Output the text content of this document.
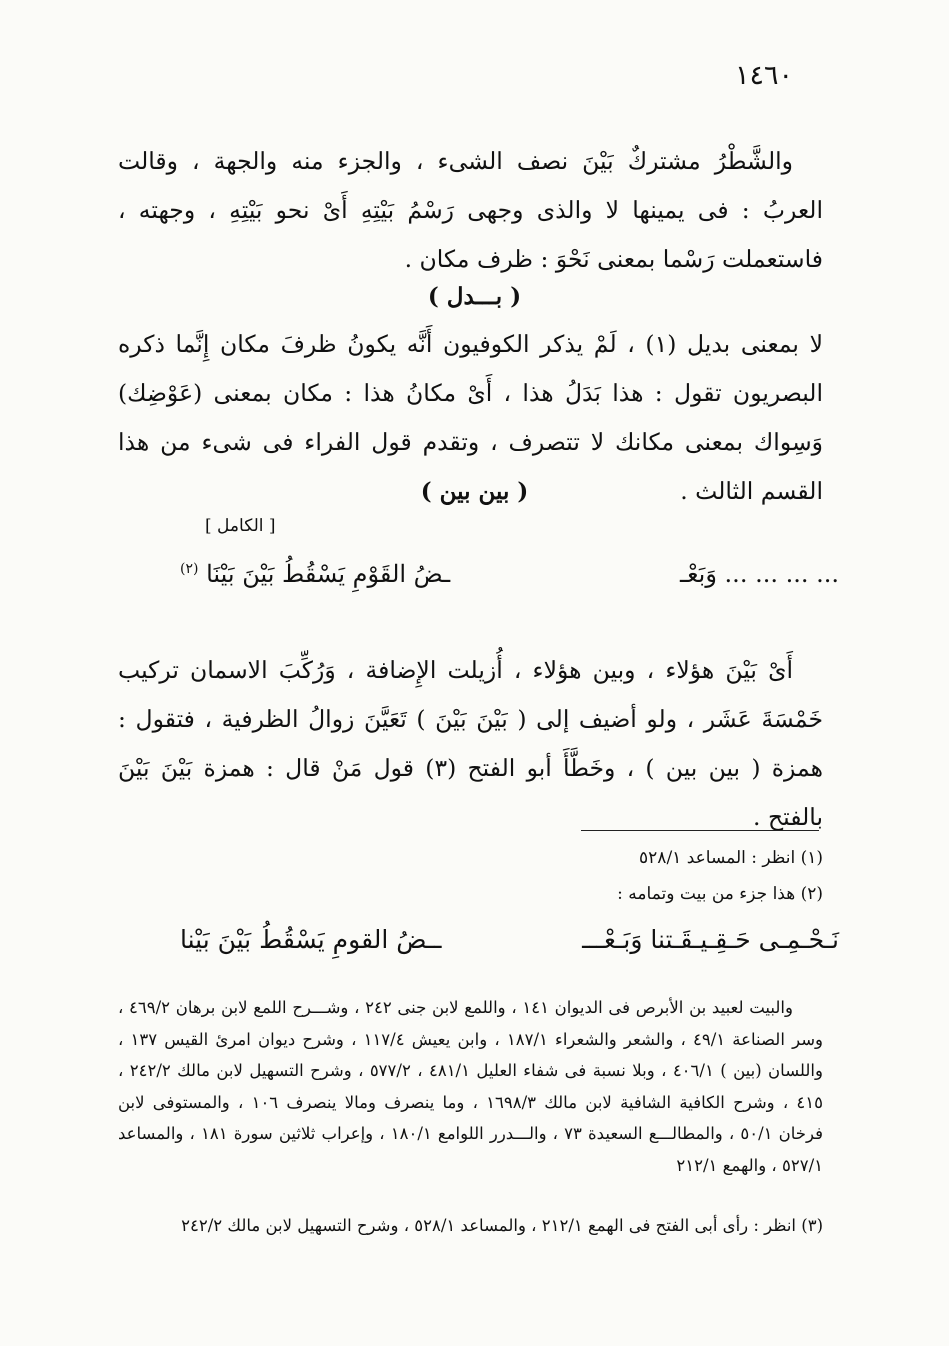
١٤٦٠

والشَّطْرُ مشتركٌ بَيْنَ نصف الشىء ، والجزء منه والجهة ، وقالت العربُ : فى يمينها لا والذى وجهى رَسْمُ بَيْتِهِ أَىْ نحو بَيْتِهِ ، وجهته ، فاستعملت رَسْما بمعنى نَحْوَ : ظرف مكان .

( بـــدل )

لا بمعنى بديل (١) ، لَمْ يذكر الكوفيون أَنَّه يكونُ ظرفَ مكان إِنَّما ذكره البصريون تقول : هذا بَدَلُ هذا ، أَىْ مكانُ هذا : مكان بمعنى (عَوْضِك) وَسِواك بمعنى مكانك لا تتصرف ، وتقدم قول الفراء فى شىء من هذا القسم الثالث .

( بين بين )
[ الكامل ]
... ... ... ... وَبَعْـ
ـضُ القَوْمِ يَسْقُطُ بَيْنَ بَيْنَا $^{(٢)}$

أَىْ بَيْنَ هؤلاء ، وبين هؤلاء ، أُزيلت الإِضافة ، وَرُكِّبَ الاسمان تركيب خَمْسَةَ عَشَر ، ولو أضيف إلى ( بَيْنَ بَيْنَ ) تَعَيَّنَ زوالُ الظرفية ، فتقول : همزة ( بين بين ) ، وخَطَّأَ أبو الفتح (٣) قول مَنْ قال : همزة بَيْنَ بَيْنَ بالفتح .

(١) انظر : المساعد ٥٢٨/١
(٢) هذا جزء من بيت وتمامه :
نَـحْـمِـى حَـقِـيـقَـتنا وَبَـعْـــ
ــضُ القومِ يَسْقُطُ بَيْنَ بَيْنا

والبيت لعبيد بن الأبرص فى الديوان ١٤١ ، واللمع لابن جنى ٢٤٢ ، وشـــرح اللمع لابن برهان ٤٦٩/٢ ، وسر الصناعة ٤٩/١ ، والشعر والشعراء ١٨٧/١ ، وابن يعيش ١١٧/٤ ، وشرح ديوان امرئ القيس ١٣٧ ، واللسان (بين ) ٤٠٦/١ ، وبلا نسبة فى شفاء العليل ٤٨١/١ ، ٥٧٧/٢ ، وشرح التسهيل لابن مالك ٢٤٢/٢ ، ٤١٥ ، وشرح الكافية الشافية لابن مالك ١٦٩٨/٣ ، وما ينصرف ومالا ينصرف ١٠٦ ، والمستوفى لابن فرخان ٥٠/١ ، والمطالـــع السعيدة ٧٣ ، والـــدرر اللوامع ١٨٠/١ ، وإعراب ثلاثين سورة ١٨١ ، والمساعد ٥٢٧/١ ، والهمع ٢١٢/١

(٣) انظر : رأى أبى الفتح فى الهمع ٢١٢/١ ، والمساعد ٥٢٨/١ ، وشرح التسهيل لابن مالك ٢٤٢/٢
